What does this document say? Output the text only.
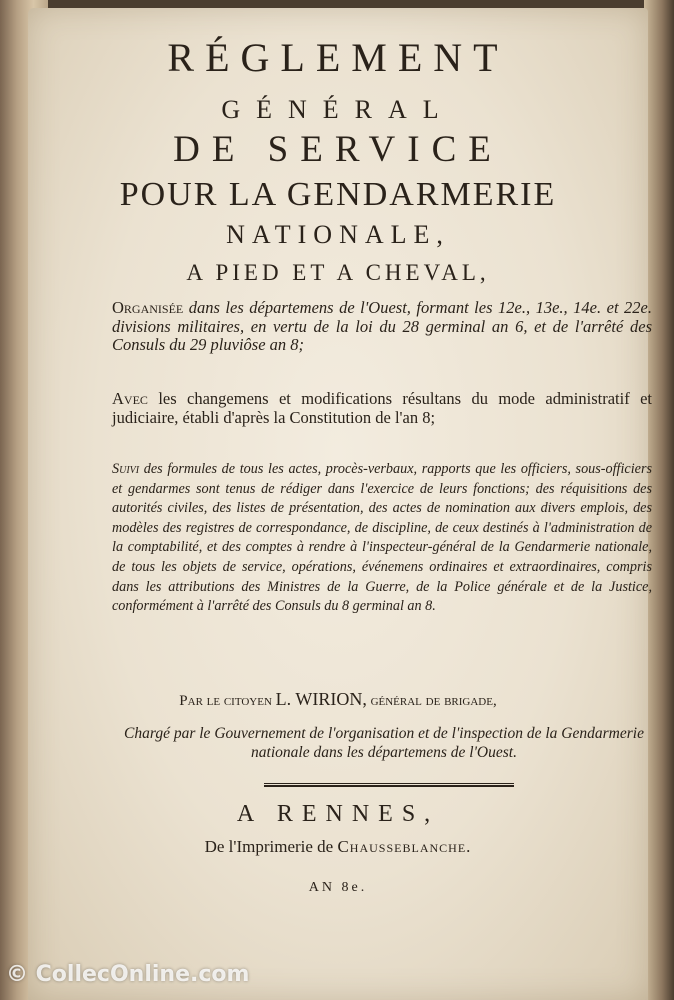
RÉGLEMENT
GÉNÉRAL
DE SERVICE
POUR LA GENDARMERIE
NATIONALE,
A PIED ET A CHEVAL,
Organisée dans les départemens de l'Ouest, formant les 12e., 13e., 14e. et 22e. divisions militaires, en vertu de la loi du 28 germinal an 6, et de l'arrêté des Consuls du 29 pluviôse an 8;
Avec les changemens et modifications résultans du mode administratif et judiciaire, établi d'après la Constitution de l'an 8;
Suivi des formules de tous les actes, procès-verbaux, rapports que les officiers, sous-officiers et gendarmes sont tenus de rédiger dans l'exercice de leurs fonctions; des réquisitions des autorités civiles, des listes de présentation, des actes de nomination aux divers emplois, des modèles des registres de correspondance, de discipline, de ceux destinés à l'administration de la comptabilité, et des comptes à rendre à l'inspecteur-général de la Gendarmerie nationale, de tous les objets de service, opérations, événemens ordinaires et extraordinaires, compris dans les attributions des Ministres de la Guerre, de la Police générale et de la Justice, conformément à l'arrêté des Consuls du 8 germinal an 8.
Par le citoyen L. WIRION, général de brigade,
Chargé par le Gouvernement de l'organisation et de l'inspection de la Gendarmerie nationale dans les départemens de l'Ouest.
A RENNES,
De l'Imprimerie de Chausseblanche.
AN 8e.
© CollecOnline.com
